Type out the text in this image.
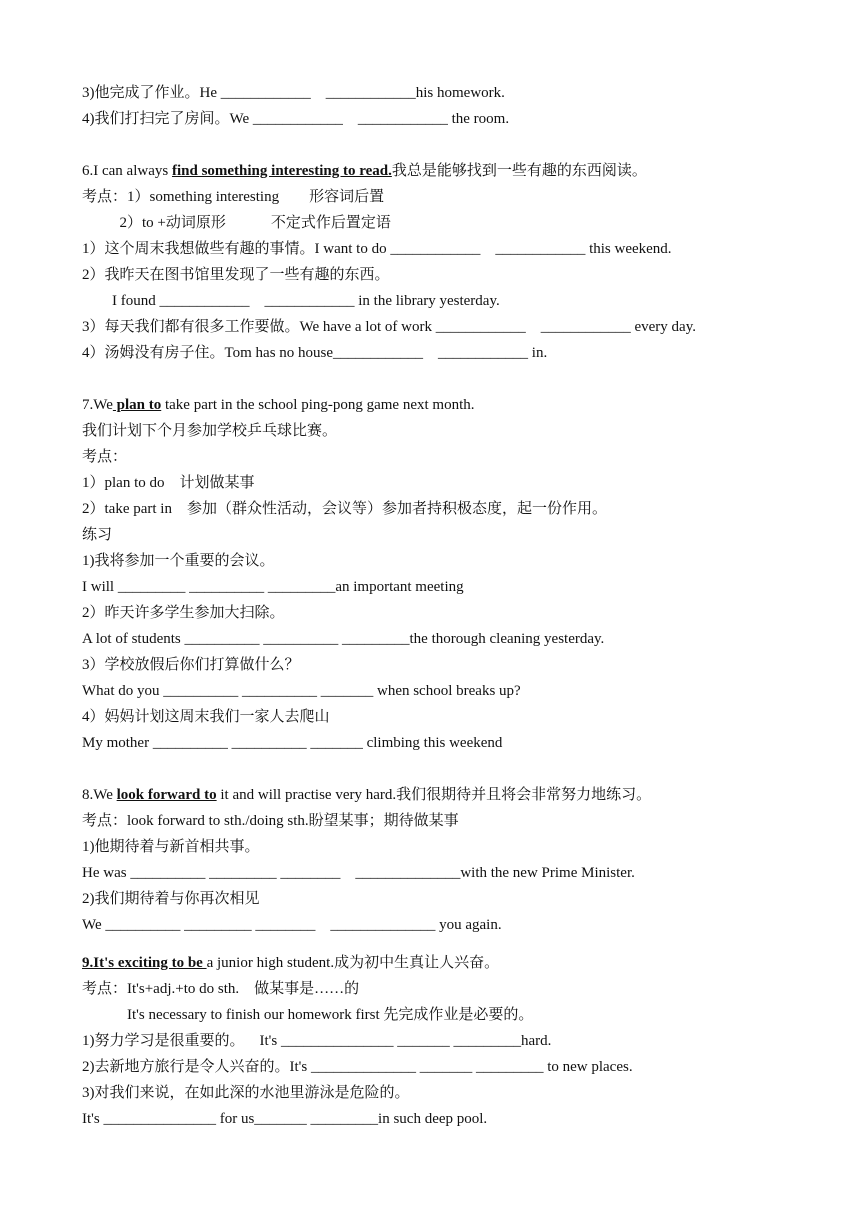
3)他完成了作业。He ____________    ____________his homework.
4)我们打扫完了房间。We ____________    ____________ the room.
6.I can always find something interesting to read.我总是能够找到一些有趣的东西阅读。
考点：1）something interesting        形容词后置
2）to +动词原形            不定式作后置定语
1）这个周末我想做些有趣的事情。I want to do ____________    ____________ this weekend.
2）我昨天在图书馆里发现了一些有趣的东西。
I found ____________    ____________ in the library yesterday.
3）每天我们都有很多工作要做。We have a lot of work ____________    ____________ every day.
4）汤姆没有房子住。Tom has no house____________    ____________ in.
7.We plan to take part in the school ping-pong game next month.
我们计划下个月参加学校乒乓球比赛。
考点：
1）plan to do    计划做某事
2）take part in    参加（群众性活动，会议等）参加者持积极态度，起一份作用。
练习
1)我将参加一个重要的会议。
I will _________ __________ _________an important meeting
2）昨天许多学生参加大扫除。
A lot of students __________ __________ _________the thorough cleaning yesterday.
3）学校放假后你们打算做什么？
What do you __________ __________ _______ when school breaks up?
4）妈妈计划这周末我们一家人去爬山
My mother __________ __________ _______ climbing this weekend
8.We look forward to it and will practise very hard.我们很期待并且将会非常努力地练习。
考点：look forward to sth./doing sth.盼望某事；期待做某事
1)他期待着与新首相共事。
He was __________ _________ ________    ______________with the new Prime Minister.
2)我们期待着与你再次相见
We __________ _________ ________    ______________ you again.
9.It's exciting to be a junior high student.成为初中生真让人兴奋。
考点：It's+adj.+to do sth.    做某事是……的
It's necessary to finish our homework first 先完成作业是必要的。
1)努力学习是很重要的。    It's _______________ _______ _________hard.
2)去新地方旅行是令人兴奋的。It's ______________ _______ _________ to new places.
3)对我们来说，在如此深的水池里游泳是危险的。
It's _______________ for us_______ _________in such deep pool.
